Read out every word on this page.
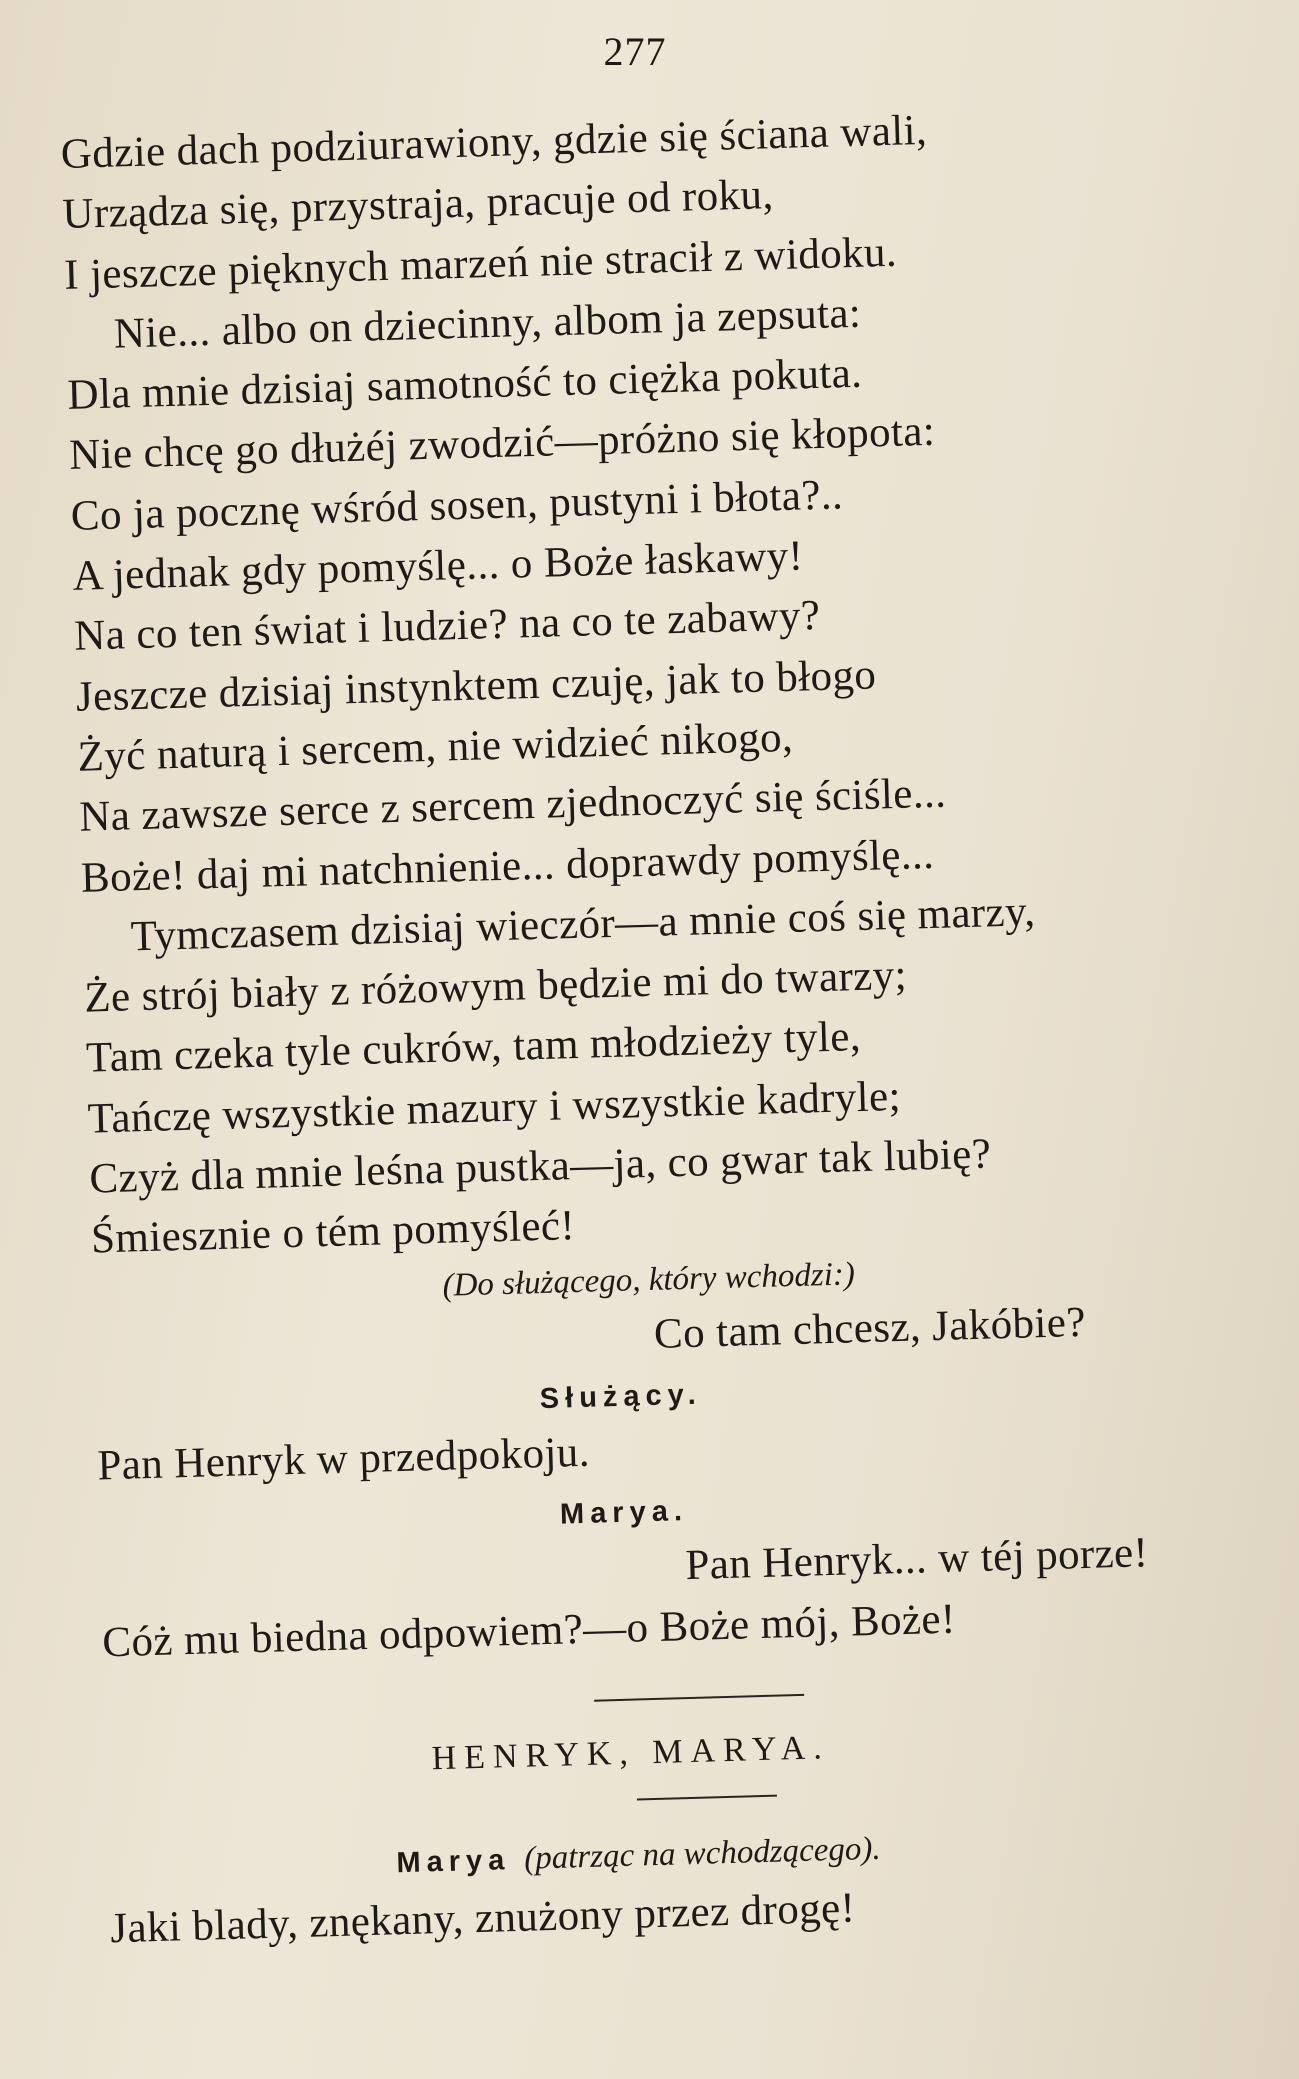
277
Gdzie dach podziurawiony, gdzie się ściana wali,
Urządza się, przystraja, pracuje od roku,
I jeszcze pięknych marzeń nie stracił z widoku.
Nie... albo on dziecinny, albom ja zepsuta:
Dla mnie dzisiaj samotność to ciężka pokuta.
Nie chcę go dłużéj zwodzić—próżno się kłopota:
Co ja pocznę wśród sosen, pustyni i błota?..
A jednak gdy pomyślę... o Boże łaskawy!
Na co ten świat i ludzie? na co te zabawy?
Jeszcze dzisiaj instynktem czuję, jak to błogo
Żyć naturą i sercem, nie widzieć nikogo,
Na zawsze serce z sercem zjednoczyć się ściśle...
Boże! daj mi natchnienie... doprawdy pomyślę...
Tymczasem dzisiaj wieczór—a mnie coś się marzy,
Że strój biały z różowym będzie mi do twarzy;
Tam czeka tyle cukrów, tam młodzieży tyle,
Tańczę wszystkie mazury i wszystkie kadryle;
Czyż dla mnie leśna pustka—ja, co gwar tak lubię?
Śmiesznie o tém pomyśleć!
(Do służącego, który wchodzi:)
Co tam chcesz, Jakóbie?
Służący.
Pan Henryk w przedpokoju.
Marya.
Pan Henryk... w téj porze!
Cóż mu biedna odpowiem?—o Boże mój, Boże!
HENRYK, MARYA.
Marya (patrząc na wchodzącego).
Jaki blady, znękany, znużony przez drogę!
